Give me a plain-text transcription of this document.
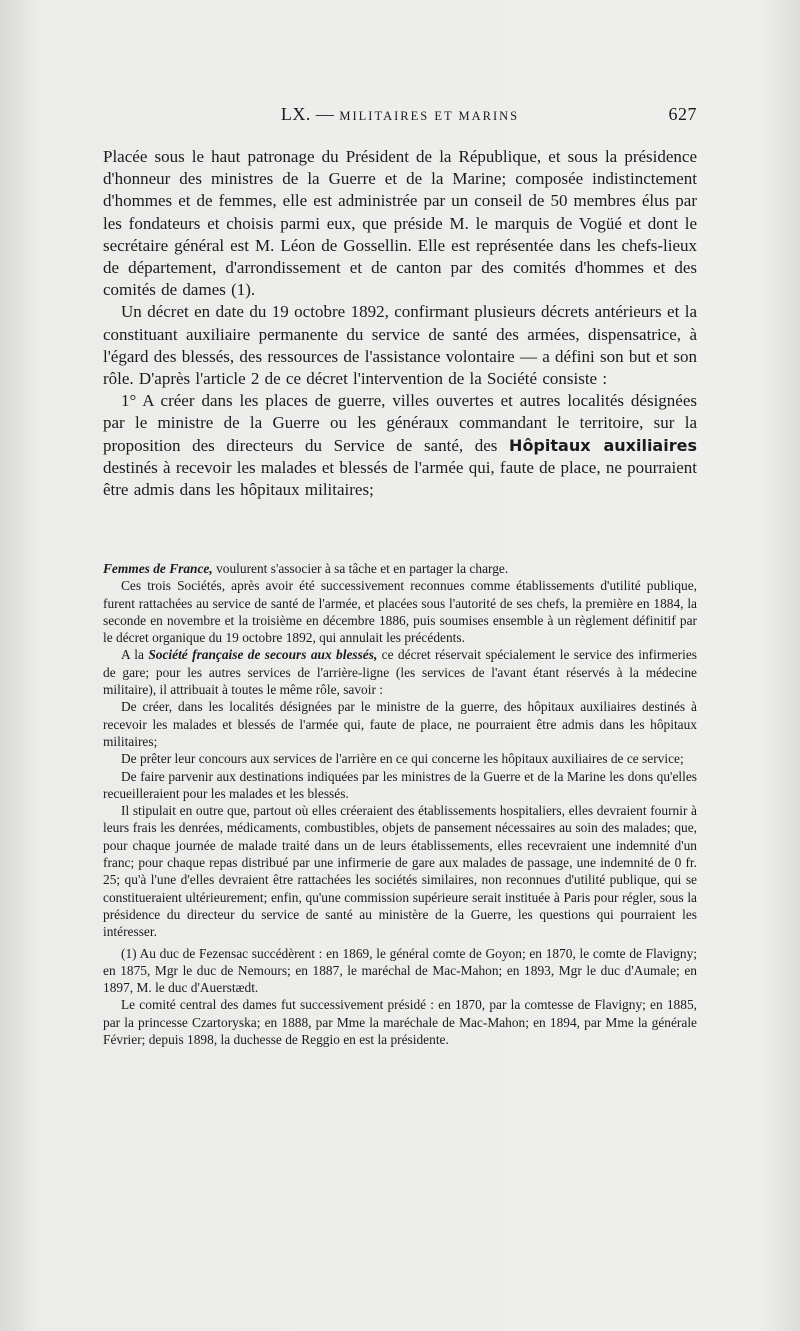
LX. — MILITAIRES ET MARINS	627

Placée sous le haut patronage du Président de la République, et sous la présidence d'honneur des ministres de la Guerre et de la Marine; composée indistinctement d'hommes et de femmes, elle est administrée par un conseil de 50 membres élus par les fondateurs et choisis parmi eux, que préside M. le marquis de Vogüé et dont le secrétaire général est M. Léon de Gossellin. Elle est représentée dans les chefs-lieux de département, d'arrondissement et de canton par des comités d'hommes et des comités de dames (1).

Un décret en date du 19 octobre 1892, confirmant plusieurs décrets antérieurs et la constituant auxiliaire permanente du service de santé des armées, dispensatrice, à l'égard des blessés, des ressources de l'assistance volontaire — a défini son but et son rôle. D'après l'article 2 de ce décret l'intervention de la Société consiste :

1° A créer dans les places de guerre, villes ouvertes et autres localités désignées par le ministre de la Guerre ou les généraux commandant le territoire, sur la proposition des directeurs du Service de santé, des Hôpitaux auxiliaires destinés à recevoir les malades et blessés de l'armée qui, faute de place, ne pourraient être admis dans les hôpitaux militaires;

Femmes de France, voulurent s'associer à sa tâche et en partager la charge.

Ces trois Sociétés, après avoir été successivement reconnues comme établissements d'utilité publique, furent rattachées au service de santé de l'armée, et placées sous l'autorité de ses chefs, la première en 1884, la seconde en novembre et la troisième en décembre 1886, puis soumises ensemble à un règlement définitif par le décret organique du 19 octobre 1892, qui annulait les précédents.

A la Société française de secours aux blessés, ce décret réservait spécialement le service des infirmeries de gare; pour les autres services de l'arrière-ligne (les services de l'avant étant réservés à la médecine militaire), il attribuait à toutes le même rôle, savoir :

De créer, dans les localités désignées par le ministre de la guerre, des hôpitaux auxiliaires destinés à recevoir les malades et blessés de l'armée qui, faute de place, ne pourraient être admis dans les hôpitaux militaires;

De prêter leur concours aux services de l'arrière en ce qui concerne les hôpitaux auxiliaires de ce service;

De faire parvenir aux destinations indiquées par les ministres de la Guerre et de la Marine les dons qu'elles recueilleraient pour les malades et les blessés.

Il stipulait en outre que, partout où elles créeraient des établissements hospitaliers, elles devraient fournir à leurs frais les denrées, médicaments, combustibles, objets de pansement nécessaires au soin des malades; que, pour chaque journée de malade traité dans un de leurs établissements, elles recevraient une indemnité d'un franc; pour chaque repas distribué par une infirmerie de gare aux malades de passage, une indemnité de 0 fr. 25; qu'à l'une d'elles devraient être rattachées les sociétés similaires, non reconnues d'utilité publique, qui se constitueraient ultérieurement; enfin, qu'une commission supérieure serait instituée à Paris pour régler, sous la présidence du directeur du service de santé au ministère de la Guerre, les questions qui pourraient les intéresser.

(1) Au duc de Fezensac succédèrent : en 1869, le général comte de Goyon; en 1870, le comte de Flavigny; en 1875, Mgr le duc de Nemours; en 1887, le maréchal de Mac-Mahon; en 1893, Mgr le duc d'Aumale; en 1897, M. le duc d'Auerstædt.

Le comité central des dames fut successivement présidé : en 1870, par la comtesse de Flavigny; en 1885, par la princesse Czartoryska; en 1888, par Mme la maréchale de Mac-Mahon; en 1894, par Mme la générale Février; depuis 1898, la duchesse de Reggio en est la présidente.
